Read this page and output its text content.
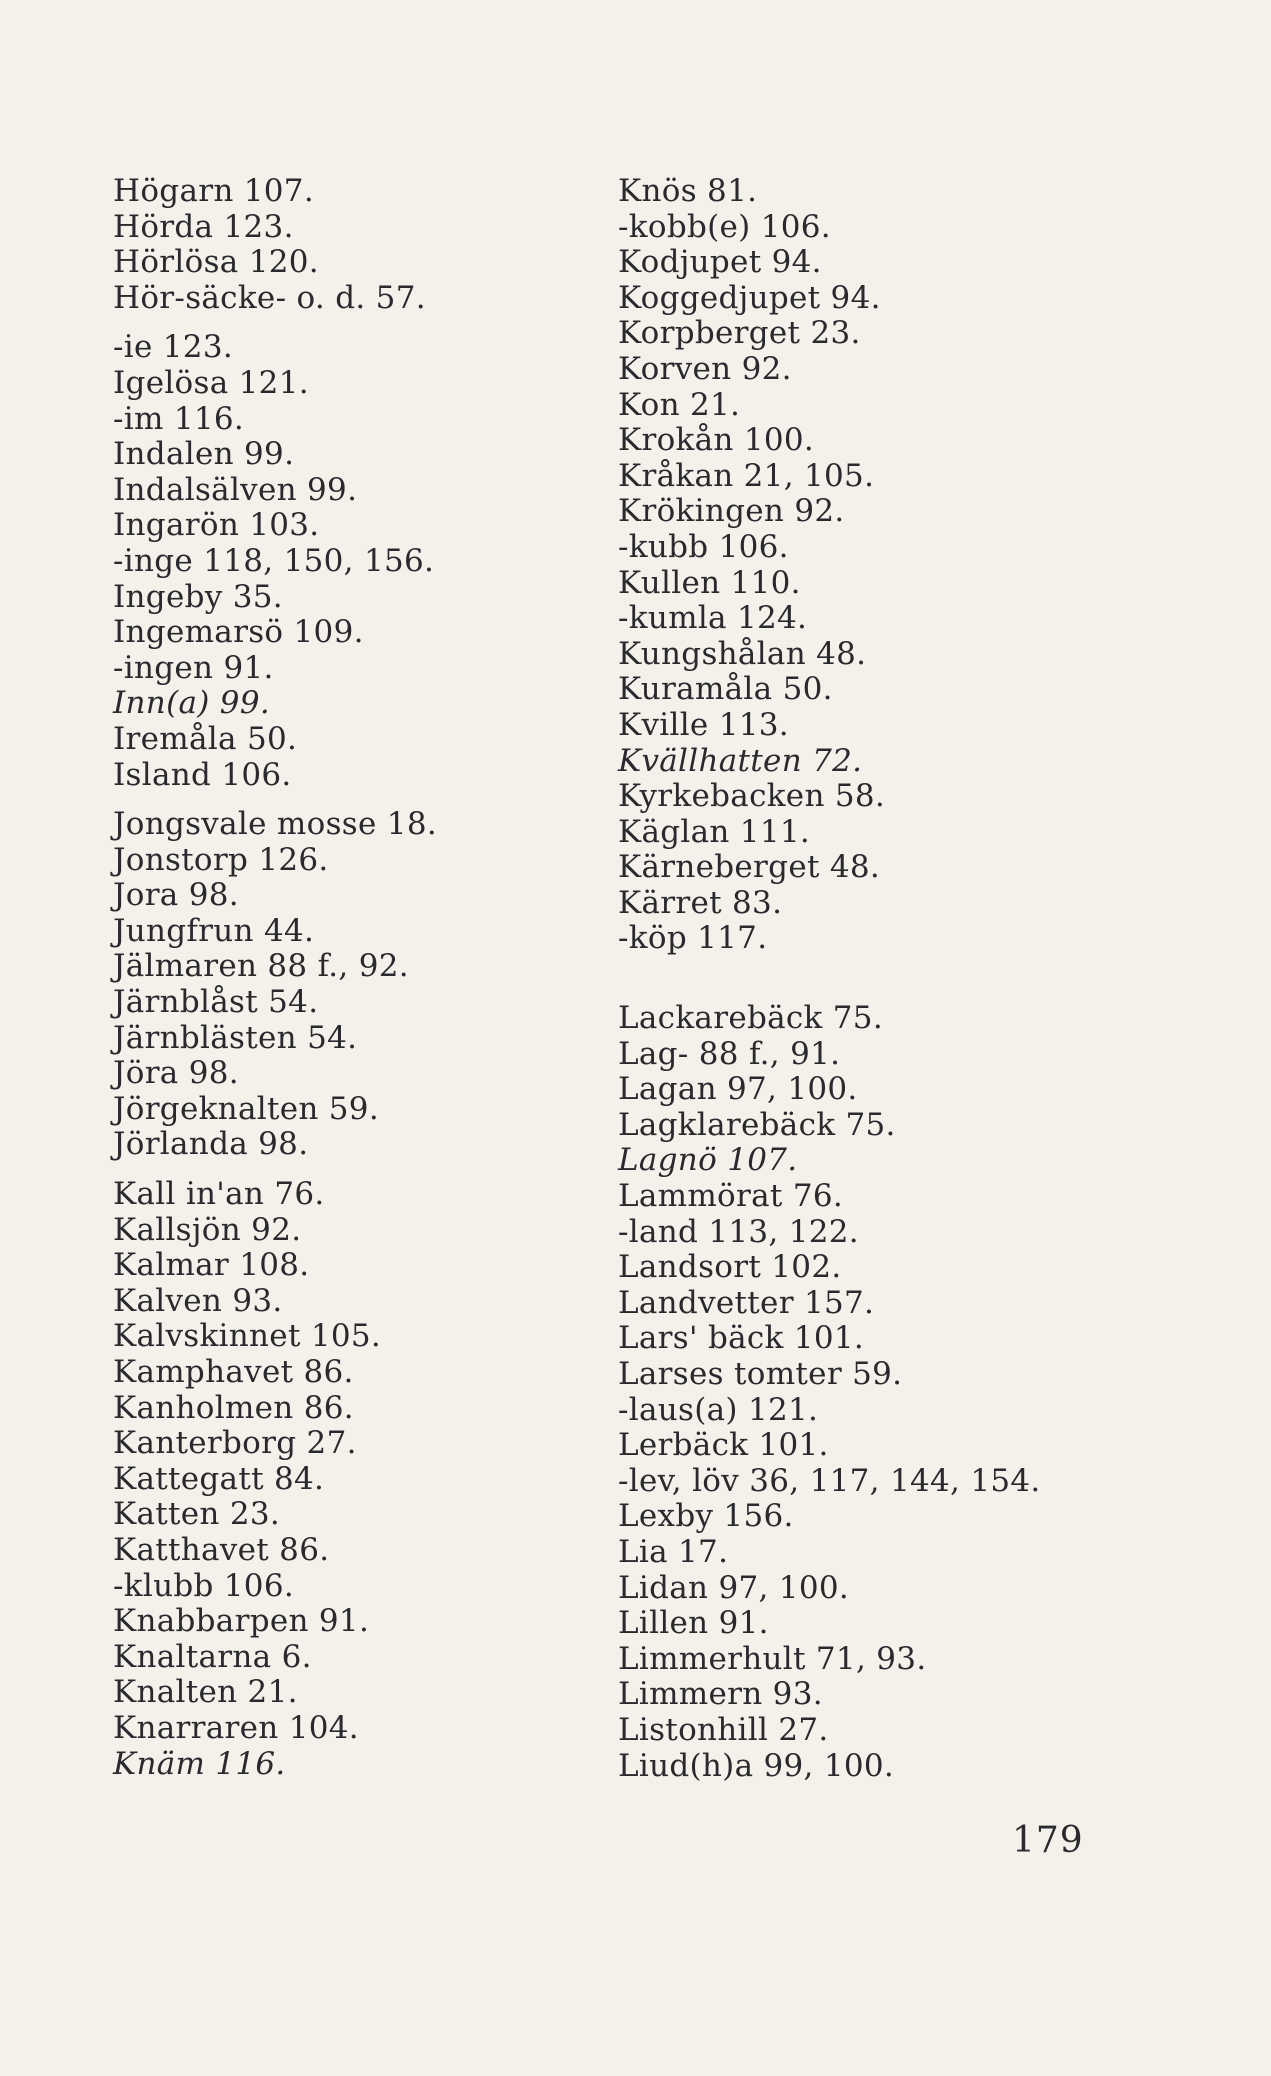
Högarn 107.
Hörda 123.
Hörlösa 120.
Hör-säcke- o. d. 57.
-ie 123.
Igelösa 121.
-im 116.
Indalen 99.
Indalsälven 99.
Ingarön 103.
-inge 118, 150, 156.
Ingeby 35.
Ingemarsö 109.
-ingen 91.
Inn(a) 99.
Iremåla 50.
Island 106.
Jongsvale mosse 18.
Jonstorp 126.
Jora 98.
Jungfrun 44.
Jälmaren 88 f., 92.
Järnblåst 54.
Järnblästen 54.
Jöra 98.
Jörgeknalten 59.
Jörlanda 98.
Kall in'an 76.
Kallsjön 92.
Kalmar 108.
Kalven 93.
Kalvskinnet 105.
Kamphavet 86.
Kanholmen 86.
Kanterborg 27.
Kattegatt 84.
Katten 23.
Katthavet 86.
-klubb 106.
Knabbarpen 91.
Knaltarna 6.
Knalten 21.
Knarraren 104.
Knäm 116.
Knös 81.
-kobb(e) 106.
Kodjupet 94.
Koggedjupet 94.
Korpberget 23.
Korven 92.
Kon 21.
Krokån 100.
Kråkan 21, 105.
Krökingen 92.
-kubb 106.
Kullen 110.
-kumla 124.
Kungshålan 48.
Kuramåla 50.
Kville 113.
Kvällhatten 72.
Kyrkebacken 58.
Käglan 111.
Kärneberget 48.
Kärret 83.
-köp 117.
Lackarebäck 75.
Lag- 88 f., 91.
Lagan 97, 100.
Lagklarebäck 75.
Lagnö 107.
Lammörat 76.
-land 113, 122.
Landsort 102.
Landvetter 157.
Lars' bäck 101.
Larses tomter 59.
-laus(a) 121.
Lerbäck 101.
-lev, löv 36, 117, 144, 154.
Lexby 156.
Lia 17.
Lidan 97, 100.
Lillen 91.
Limmerhult 71, 93.
Limmern 93.
Listonhill 27.
Liud(h)a 99, 100.
179
